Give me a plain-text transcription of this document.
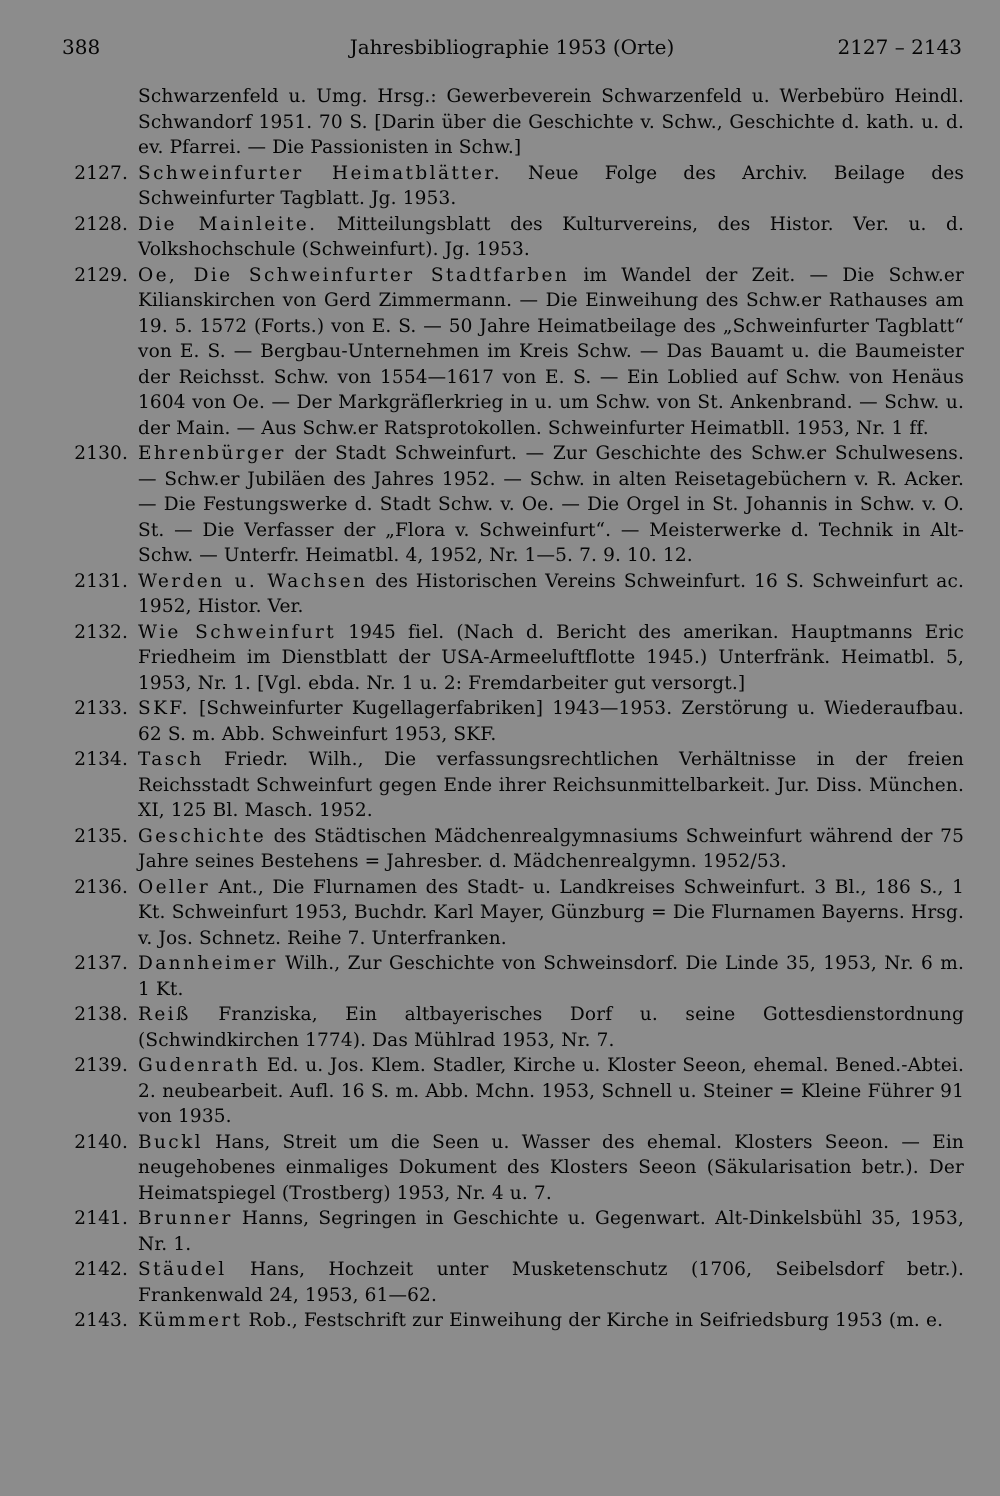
388	Jahresbibliographie 1953 (Orte)	2127 – 2143
Schwarzenfeld u. Umg. Hrsg.: Gewerbeverein Schwarzenfeld u. Werbebüro Heindl. Schwandorf 1951. 70 S. [Darin über die Geschichte v. Schw., Geschichte d. kath. u. d. ev. Pfarrei. — Die Passionisten in Schw.]
2127. Schweinfurter Heimatblätter. Neue Folge des Archiv. Beilage des Schweinfurter Tagblatt. Jg. 1953.
2128. Die Mainleite. Mitteilungsblatt des Kulturvereins, des Histor. Ver. u. d. Volkshochschule (Schweinfurt). Jg. 1953.
2129. Oe, Die Schweinfurter Stadtfarben im Wandel der Zeit. — Die Schw.er Kilianskirchen von Gerd Zimmermann. — Die Einweihung des Schw.er Rathauses am 19. 5. 1572 (Forts.) von E. S. — 50 Jahre Heimatbeilage des „Schweinfurter Tagblatt“ von E. S. — Bergbau-Unternehmen im Kreis Schw. — Das Bauamt u. die Baumeister der Reichsst. Schw. von 1554—1617 von E. S. — Ein Loblied auf Schw. von Henäus 1604 von Oe. — Der Markgräflerkrieg in u. um Schw. von St. Ankenbrand. — Schw. u. der Main. — Aus Schw.er Ratsprotokollen. Schweinfurter Heimatbll. 1953, Nr. 1 ff.
2130. Ehrenbürger der Stadt Schweinfurt. — Zur Geschichte des Schw.er Schulwesens. — Schw.er Jubiläen des Jahres 1952. — Schw. in alten Reisetagebüchern v. R. Acker. — Die Festungswerke d. Stadt Schw. v. Oe. — Die Orgel in St. Johannis in Schw. v. O. St. — Die Verfasser der „Flora v. Schweinfurt“. — Meisterwerke d. Technik in Alt-Schw. — Unterfr. Heimatbl. 4, 1952, Nr. 1—5. 7. 9. 10. 12.
2131. Werden u. Wachsen des Historischen Vereins Schweinfurt. 16 S. Schweinfurt ac. 1952, Histor. Ver.
2132. Wie Schweinfurt 1945 fiel. (Nach d. Bericht des amerikan. Hauptmanns Eric Friedheim im Dienstblatt der USA-Armeeluftflotte 1945.) Unterfränk. Heimatbl. 5, 1953, Nr. 1. [Vgl. ebda. Nr. 1 u. 2: Fremdarbeiter gut versorgt.]
2133. SKF. [Schweinfurter Kugellagerfabriken] 1943—1953. Zerstörung u. Wiederaufbau. 62 S. m. Abb. Schweinfurt 1953, SKF.
2134. Tasch Friedr. Wilh., Die verfassungsrechtlichen Verhältnisse in der freien Reichsstadt Schweinfurt gegen Ende ihrer Reichsunmittelbarkeit. Jur. Diss. München. XI, 125 Bl. Masch. 1952.
2135. Geschichte des Städtischen Mädchenrealgymnasiums Schweinfurt während der 75 Jahre seines Bestehens = Jahresber. d. Mädchenrealgymn. 1952/53.
2136. Oeller Ant., Die Flurnamen des Stadt- u. Landkreises Schweinfurt. 3 Bl., 186 S., 1 Kt. Schweinfurt 1953, Buchdr. Karl Mayer, Günzburg = Die Flurnamen Bayerns. Hrsg. v. Jos. Schnetz. Reihe 7. Unterfranken.
2137. Dannheimer Wilh., Zur Geschichte von Schweinsdorf. Die Linde 35, 1953, Nr. 6 m. 1 Kt.
2138. Reiß Franziska, Ein altbayerisches Dorf u. seine Gottesdienstordnung (Schwindkirchen 1774). Das Mühlrad 1953, Nr. 7.
2139. Gudenrath Ed. u. Jos. Klem. Stadler, Kirche u. Kloster Seeon, ehemal. Bened.-Abtei. 2. neubearbeit. Aufl. 16 S. m. Abb. Mchn. 1953, Schnell u. Steiner = Kleine Führer 91 von 1935.
2140. Buckl Hans, Streit um die Seen u. Wasser des ehemal. Klosters Seeon. — Ein neugehobenes einmaliges Dokument des Klosters Seeon (Säkularisation betr.). Der Heimatspiegel (Trostberg) 1953, Nr. 4 u. 7.
2141. Brunner Hanns, Segringen in Geschichte u. Gegenwart. Alt-Dinkelsbühl 35, 1953, Nr. 1.
2142. Stäudel Hans, Hochzeit unter Musketenschutz (1706, Seibelsdorf betr.). Frankenwald 24, 1953, 61—62.
2143. Kümmert Rob., Festschrift zur Einweihung der Kirche in Seifriedsburg 1953 (m. e.
